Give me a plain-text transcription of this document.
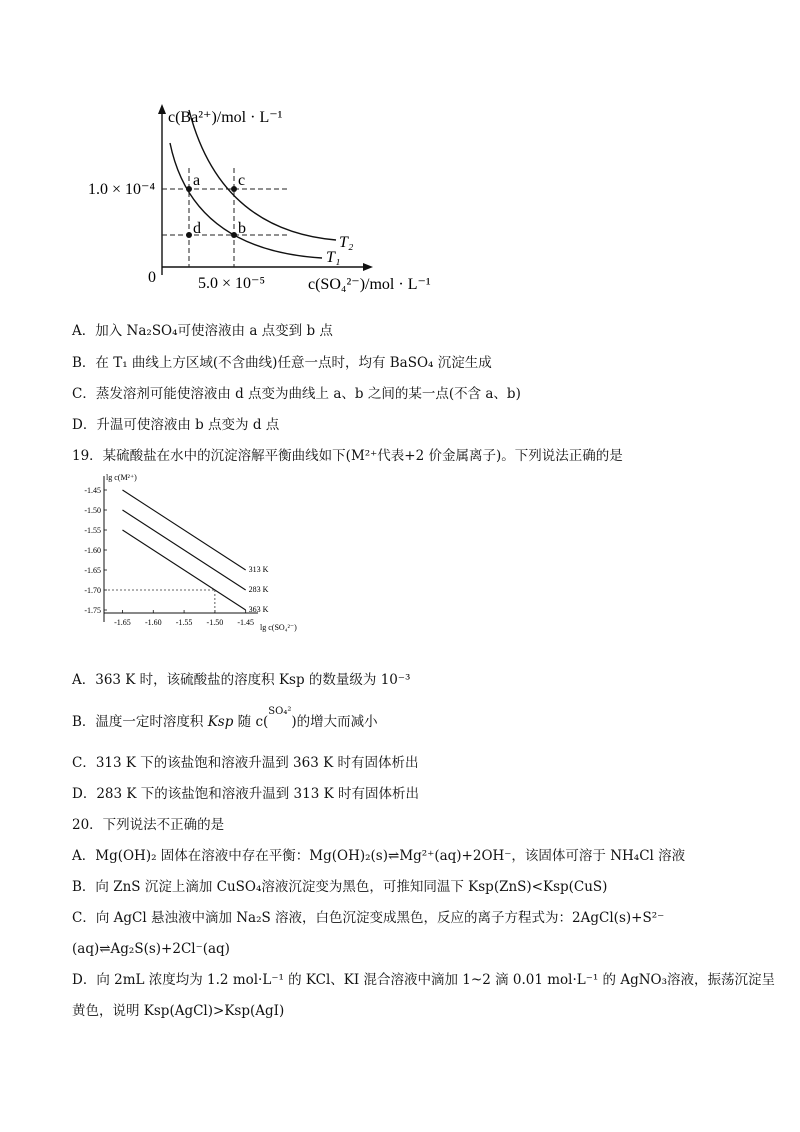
a c
d b
T₂
T₁
c(Ba²⁺)/mol · L⁻¹
c(SO₄²⁻)/mol · L⁻¹
0
1.0 × 10⁻⁴
5.0 × 10⁻⁵
A．加入 Na₂SO₄可使溶液由 a 点变到 b 点
B．在 T₁ 曲线上方区域(不含曲线)任意一点时，均有 BaSO₄ 沉淀生成
C．蒸发溶剂可能使溶液由 d 点变为曲线上 a、b 之间的某一点(不含 a、b)
D．升温可使溶液由 b 点变为 d 点
19．某硫酸盐在水中的沉淀溶解平衡曲线如下(M²⁺代表+2 价金属离子)。下列说法正确的是
lg c(M²⁺)
lg c(SO₄²⁻)
-1.45
-1.50
-1.55
-1.60
-1.65
-1.70
-1.75
-1.65 -1.60 -1.55 -1.50 -1.45
313 K
283 K
363 K
A．363 K 时，该硫酸盐的溶度积 Ksp 的数量级为 10⁻³
B．温度一定时溶度积 Ksp 随 c($^{SO_4^2}$)的增大而减小
C．313 K 下的该盐饱和溶液升温到 363 K 时有固体析出
D．283 K 下的该盐饱和溶液升温到 313 K 时有固体析出
20．下列说法不正确的是
A．Mg(OH)₂ 固体在溶液中存在平衡：Mg(OH)₂(s)⇌Mg²⁺(aq)+2OH⁻，该固体可溶于 NH₄Cl 溶液
B．向 ZnS 沉淀上滴加 CuSO₄溶液沉淀变为黑色，可推知同温下 Ksp(ZnS)<Ksp(CuS)
C．向 AgCl 悬浊液中滴加 Na₂S 溶液，白色沉淀变成黑色，反应的离子方程式为：2AgCl(s)+S²⁻
(aq)⇌Ag₂S(s)+2Cl⁻(aq)
D．向 2mL 浓度均为 1.2 mol·L⁻¹ 的 KCl、KI 混合溶液中滴加 1~2 滴 0.01 mol·L⁻¹ 的 AgNO₃溶液，振荡沉淀呈
黄色，说明 Ksp(AgCl)>Ksp(AgI)
